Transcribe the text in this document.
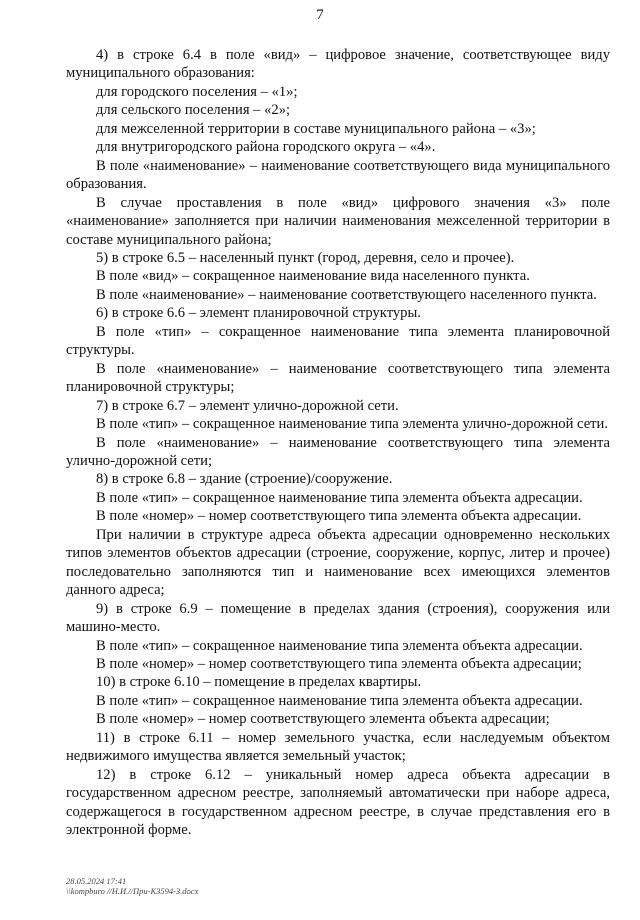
7

4) в строке 6.4 в поле «вид» – цифровое значение, соответствующее виду муниципального образования:

для городского поселения – «1»;

для сельского поселения – «2»;

для межселенной территории в составе муниципального района – «3»;

для внутригородского района городского округа – «4».

В поле «наименование» – наименование соответствующего вида муниципального образования.

В случае проставления в поле «вид» цифрового значения «3» поле «наименование» заполняется при наличии наименования межселенной территории в составе муниципального района;

5) в строке 6.5 – населенный пункт (город, деревня, село и прочее).

В поле «вид» – сокращенное наименование вида населенного пункта.

В поле «наименование» – наименование соответствующего населенного пункта.

6) в строке 6.6 – элемент планировочной структуры.

В поле «тип» – сокращенное наименование типа элемента планировочной структуры.

В поле «наименование» – наименование соответствующего типа элемента планировочной структуры;

7) в строке 6.7 – элемент улично-дорожной сети.

В поле «тип» – сокращенное наименование типа элемента улично-дорожной сети.

В поле «наименование» – наименование соответствующего типа элемента улично-дорожной сети;

8) в строке 6.8 – здание (строение)/сооружение.

В поле «тип» – сокращенное наименование типа элемента объекта адресации.

В поле «номер» – номер соответствующего типа элемента объекта адресации.

При наличии в структуре адреса объекта адресации одновременно нескольких типов элементов объектов адресации (строение, сооружение, корпус, литер и прочее) последовательно заполняются тип и наименование всех имеющихся элементов данного адреса;

9) в строке 6.9 – помещение в пределах здания (строения), сооружения или машино-место.

В поле «тип» – сокращенное наименование типа элемента объекта адресации.

В поле «номер» – номер соответствующего типа элемента объекта адресации;

10) в строке 6.10 – помещение в пределах квартиры.

В поле «тип» – сокращенное наименование типа элемента объекта адресации.

В поле «номер» – номер соответствующего элемента объекта адресации;

11) в строке 6.11 – номер земельного участка, если наследуемым объектом недвижимого имущества является земельный участок;

12) в строке 6.12 – уникальный номер адреса объекта адресации в государственном адресном реестре, заполняемый автоматически при наборе адреса, содержащегося в государственном адресном реестре, в случае представления его в электронной форме.

28.05.2024 17:41
\\kompburo //Н.И.//При-К3594-3.docx
